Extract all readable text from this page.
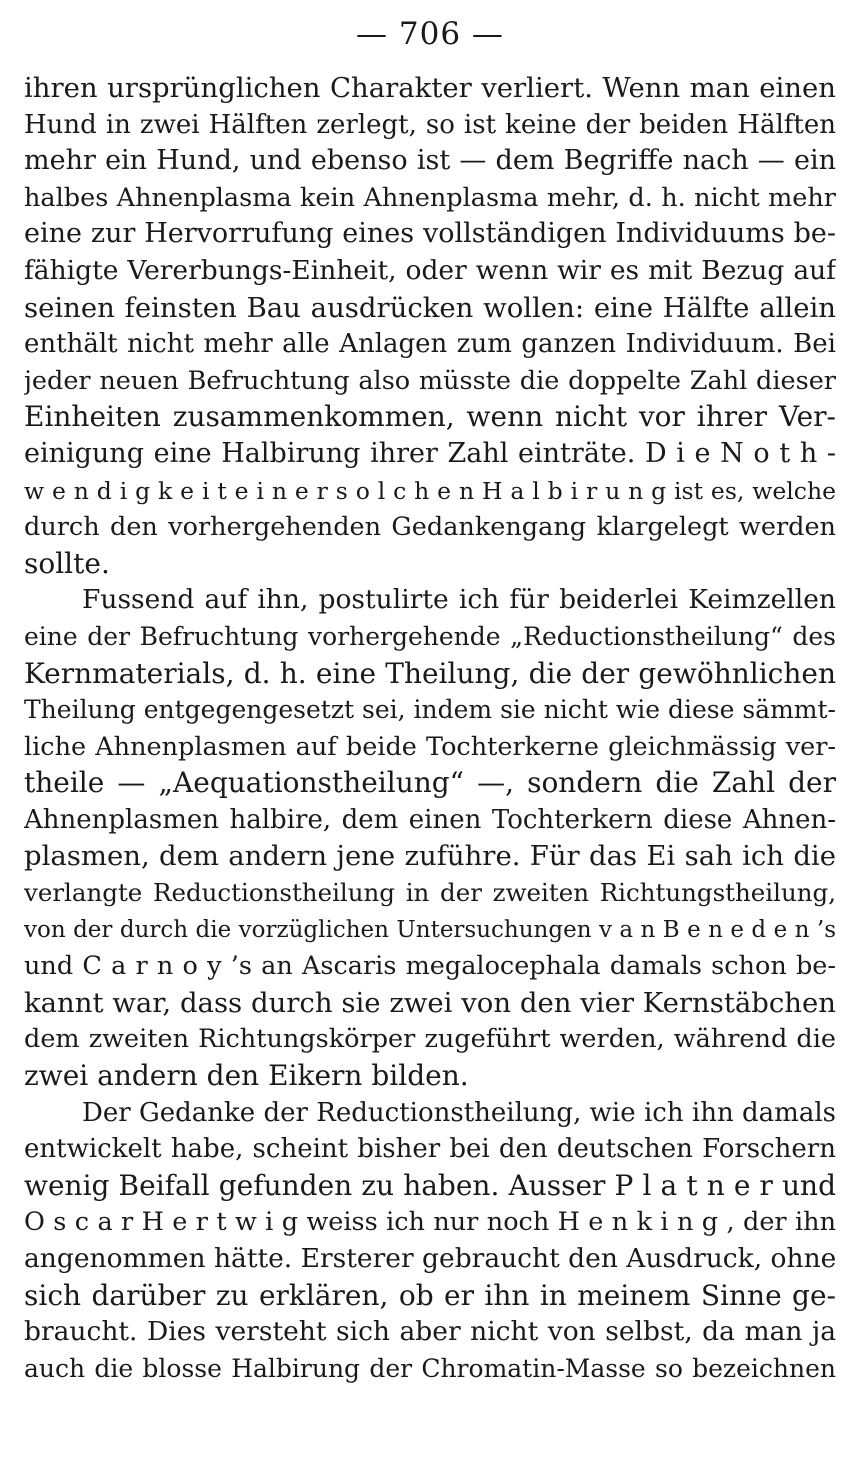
— 706 —
ihren ursprünglichen Charakter verliert. Wenn man einen
Hund in zwei Hälften zerlegt, so ist keine der beiden Hälften
mehr ein Hund, und ebenso ist — dem Begriffe nach — ein
halbes Ahnenplasma kein Ahnenplasma mehr, d. h. nicht mehr
eine zur Hervorrufung eines vollständigen Individuums be-
fähigte Vererbungs-Einheit, oder wenn wir es mit Bezug auf
seinen feinsten Bau ausdrücken wollen: eine Hälfte allein
enthält nicht mehr alle Anlagen zum ganzen Individuum. Bei
jeder neuen Befruchtung also müsste die doppelte Zahl dieser
Einheiten zusammenkommen, wenn nicht vor ihrer Ver-
einigung eine Halbirung ihrer Zahl einträte. D i e N o t h -
w e n d i g k e i t e i n e r s o l c h e n H a l b i r u n g ist es, welche
durch den vorhergehenden Gedankengang klargelegt werden
sollte.
Fussend auf ihn, postulirte ich für beiderlei Keimzellen
eine der Befruchtung vorhergehende „Reductionstheilung“ des
Kernmaterials, d. h. eine Theilung, die der gewöhnlichen
Theilung entgegengesetzt sei, indem sie nicht wie diese sämmt-
liche Ahnenplasmen auf beide Tochterkerne gleichmässig ver-
theile — „Aequationstheilung“ —, sondern die Zahl der
Ahnenplasmen halbire, dem einen Tochterkern diese Ahnen-
plasmen, dem andern jene zuführe. Für das Ei sah ich die
verlangte Reductionstheilung in der zweiten Richtungstheilung,
von der durch die vorzüglichen Untersuchungen v a n B e n e d e n ’s
und C a r n o y ’s an Ascaris megalocephala damals schon be-
kannt war, dass durch sie zwei von den vier Kernstäbchen
dem zweiten Richtungskörper zugeführt werden, während die
zwei andern den Eikern bilden.
Der Gedanke der Reductionstheilung, wie ich ihn damals
entwickelt habe, scheint bisher bei den deutschen Forschern
wenig Beifall gefunden zu haben. Ausser P l a t n e r und
O s c a r H e r t w i g weiss ich nur noch H e n k i n g , der ihn
angenommen hätte. Ersterer gebraucht den Ausdruck, ohne
sich darüber zu erklären, ob er ihn in meinem Sinne ge-
braucht. Dies versteht sich aber nicht von selbst, da man ja
auch die blosse Halbirung der Chromatin-Masse so bezeichnen
